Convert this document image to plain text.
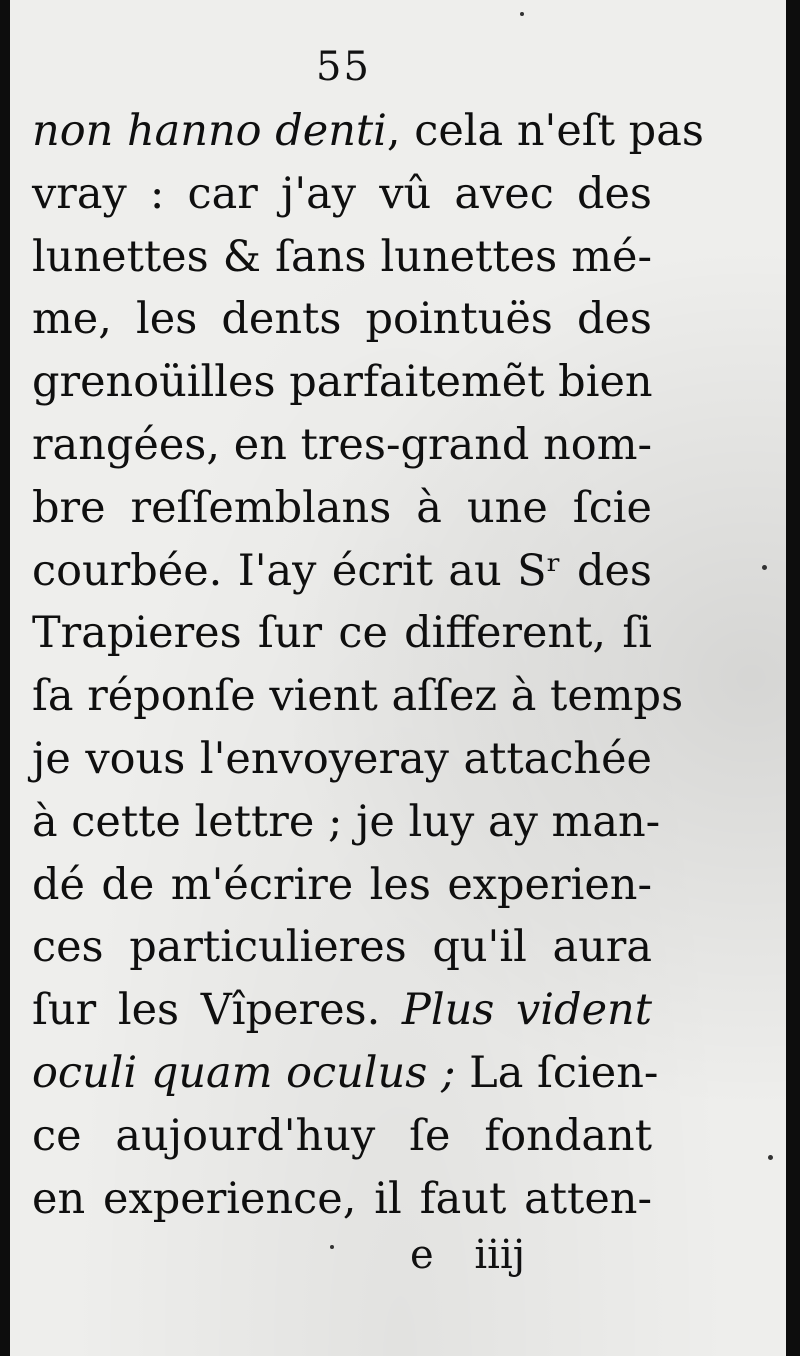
55
non hanno denti, cela n'eſt pas
vray : car j'ay vû avec des
lunettes & ſans lunettes mé-
me, les dents pointuës des
grenoüilles parfaitemẽt bien
rangées, en tres-grand nom-
bre reſſemblans à une ſcie
courbée. I'ay écrit au Sʳ des
Trapieres ſur ce different, ſi
ſa réponſe vient aſſez à temps
je vous l'envoyeray attachée
à cette lettre ; je luy ay man-
dé de m'écrire les experien-
ces particulieres qu'il aura
ſur les Vîperes. Plus vident
oculi quam oculus ; La ſcien-
ce aujourd'huy ſe fondant
en experience, il faut atten-
e iiij
